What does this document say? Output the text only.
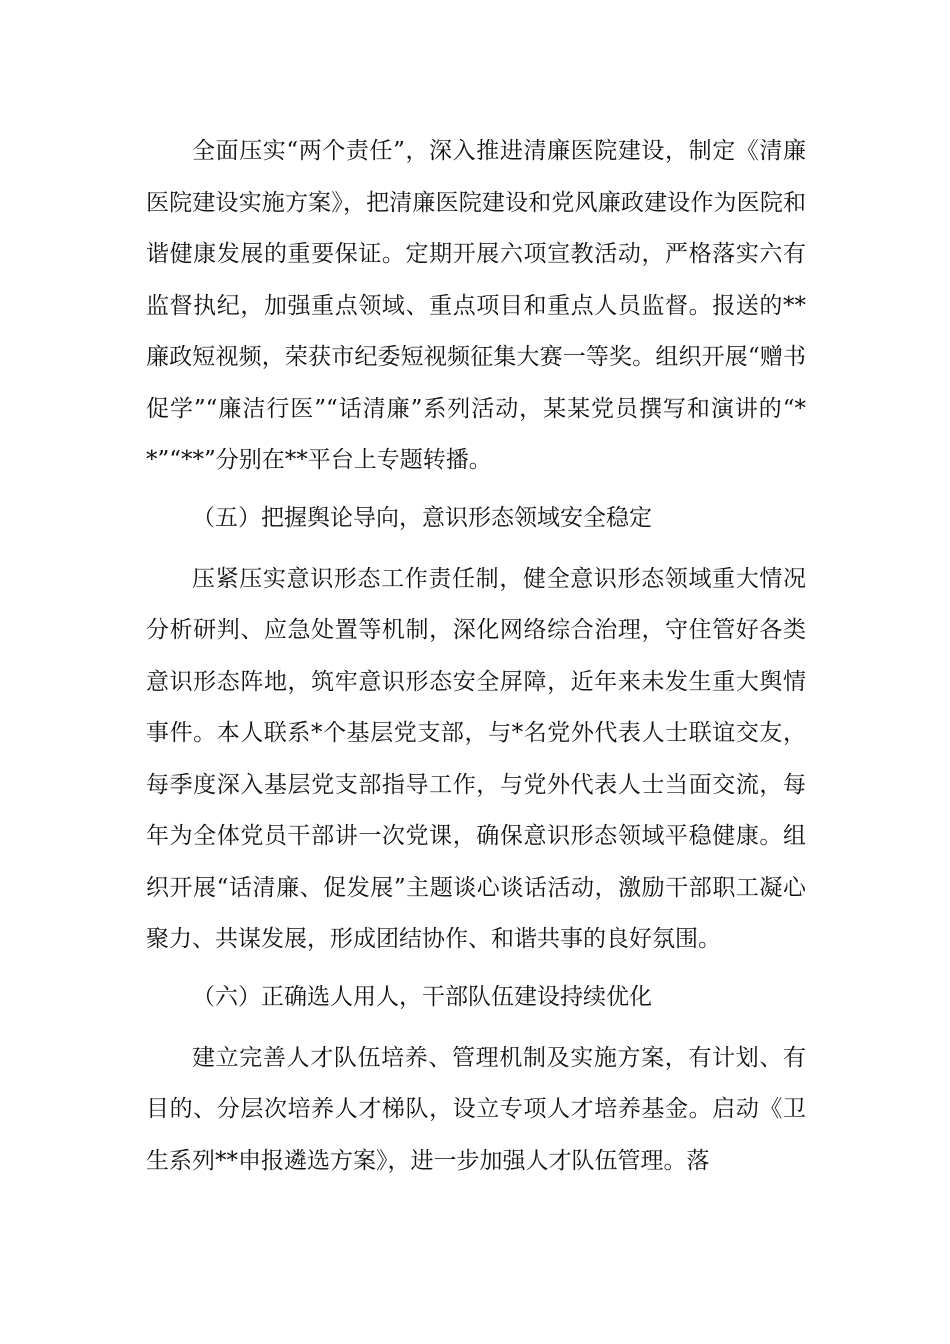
全面压实“两个责任”，深入推进清廉医院建设，制定《清廉医院建设实施方案》，把清廉医院建设和党风廉政建设作为医院和谐健康发展的重要保证。定期开展六项宣教活动，严格落实六有监督执纪，加强重点领域、重点项目和重点人员监督。报送的**廉政短视频，荣获市纪委短视频征集大赛一等奖。组织开展“赠书促学”“廉洁行医”“话清廉”系列活动，某某党员撰写和演讲的“**”“**”分别在**平台上专题转播。

（五）把握舆论导向，意识形态领域安全稳定

压紧压实意识形态工作责任制，健全意识形态领域重大情况分析研判、应急处置等机制，深化网络综合治理，守住管好各类意识形态阵地，筑牢意识形态安全屏障，近年来未发生重大舆情事件。本人联系*个基层党支部，与*名党外代表人士联谊交友，每季度深入基层党支部指导工作，与党外代表人士当面交流，每年为全体党员干部讲一次党课，确保意识形态领域平稳健康。组织开展“话清廉、促发展”主题谈心谈话活动，激励干部职工凝心聚力、共谋发展，形成团结协作、和谐共事的良好氛围。

（六）正确选人用人，干部队伍建设持续优化

建立完善人才队伍培养、管理机制及实施方案，有计划、有目的、分层次培养人才梯队，设立专项人才培养基金。启动《卫生系列**申报遴选方案》，进一步加强人才队伍管理。落
